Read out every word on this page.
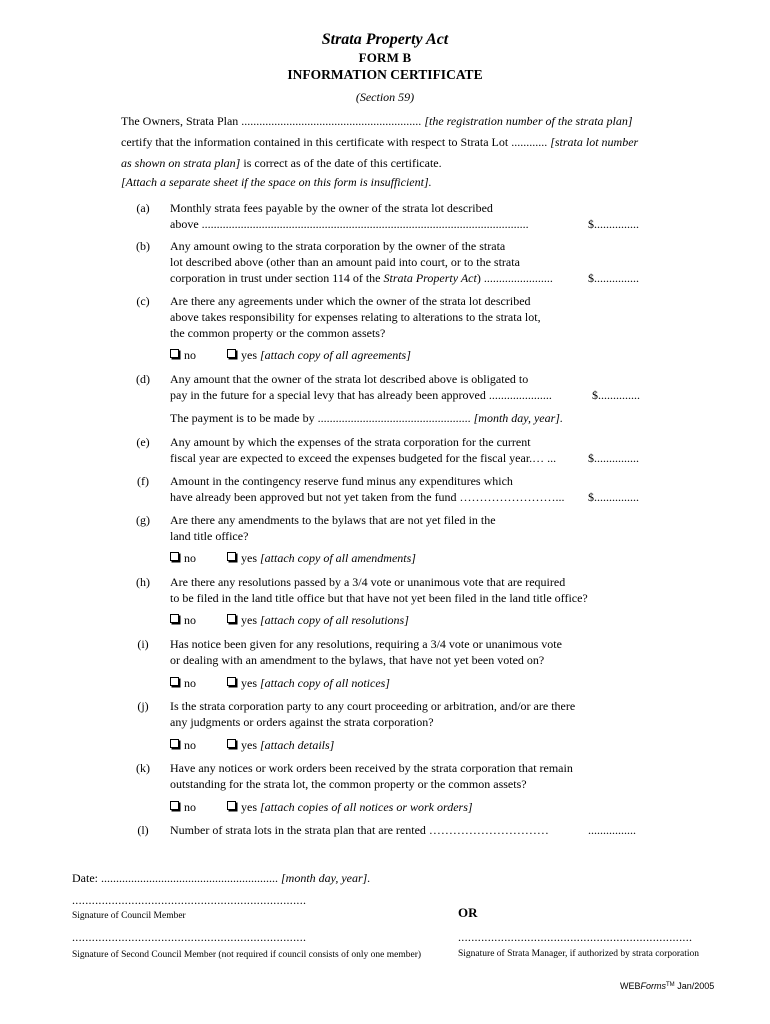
Strata Property Act
FORM B
INFORMATION CERTIFICATE
(Section 59)
The Owners, Strata Plan ............................................................ [the registration number of the strata plan] certify that the information contained in this certificate with respect to Strata Lot ............ [strata lot number as shown on strata plan] is correct as of the date of this certificate.
[Attach a separate sheet if the space on this form is insufficient].
(a)	Monthly strata fees payable by the owner of the strata lot described
above .............................................................................................................	$...............
(b)	Any amount owing to the strata corporation by the owner of the strata
lot described above (other than an amount paid into court, or to the strata
corporation in trust under section 114 of the Strata Property Act) .......................	$...............
(c)	Are there any agreements under which the owner of the strata lot described
above takes responsibility for expenses relating to alterations to the strata lot,
the common property or the common assets?
no	yes [attach copy of all agreements]
(d)	Any amount that the owner of the strata lot described above is obligated to
pay in the future for a special levy that has already been approved .....................	$..............
The payment is to be made by ................................................... [month day, year].
(e)	Any amount by which the expenses of the strata corporation for the current
fiscal year are expected to exceed the expenses budgeted for the fiscal year.… ...	$...............
(f)	Amount in the contingency reserve fund minus any expenditures which
have already been approved but not yet taken from the fund ……………………...	$...............
(g)	Are there any amendments to the bylaws that are not yet filed in the
land title office?
no	yes [attach copy of all amendments]
(h)	Are there any resolutions passed by a 3/4 vote or unanimous vote that are required
to be filed in the land title office but that have not yet been filed in the land title office?
no	yes [attach copy of all resolutions]
(i)	Has notice been given for any resolutions, requiring a 3/4 vote or unanimous vote
or dealing with an amendment to the bylaws, that have not yet been voted on?
no	yes [attach copy of all notices]
(j)	Is the strata corporation party to any court proceeding or arbitration, and/or are there
any judgments or orders against the strata corporation?
no	yes [attach details]
(k)	Have any notices or work orders been received by the strata corporation that remain
outstanding for the strata lot, the common property or the common assets?
no	yes [attach copies of all notices or work orders]
(l)	Number of strata lots in the strata plan that are rented …………………………	................
Date: ........................................................... [month day, year].
.......................................................................
Signature of Council Member	OR
.......................................................................
Signature of Second Council Member (not required if council consists of only one member)
.......................................................................
Signature of Strata Manager, if authorized by strata corporation
WEBForms™ Jan/2005
